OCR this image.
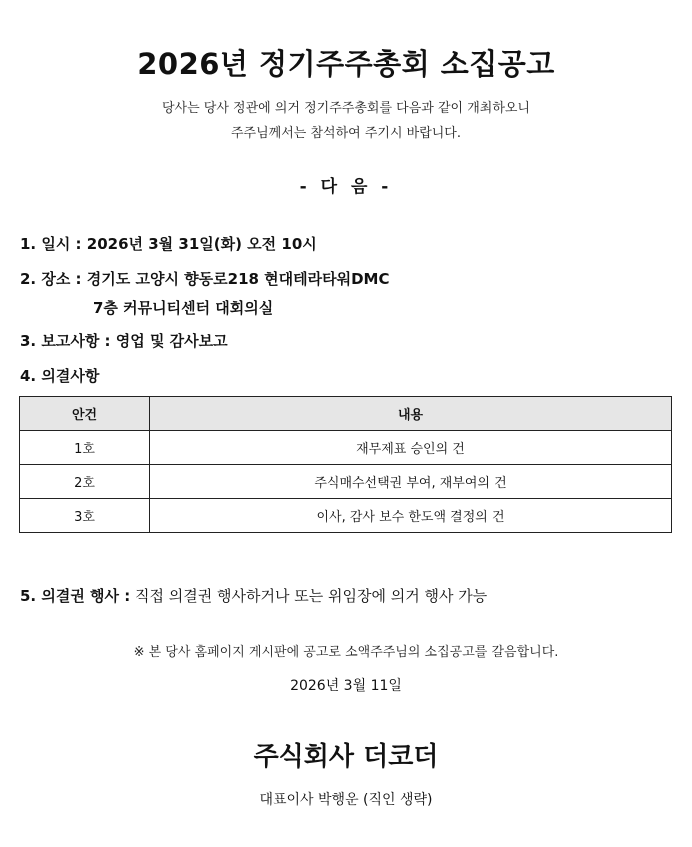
2026년 정기주주총회 소집공고
당사는 당사 정관에 의거 정기주주총회를 다음과 같이 개최하오니
주주님께서는 참석하여 주기시 바랍니다.
- 다 음 -
1. 일시 : 2026년 3월 31일(화) 오전 10시
2. 장소 : 경기도 고양시 향동로218 현대테라타워DMC
7층 커뮤니티센터 대회의실
3. 보고사항 : 영업 및 감사보고
4. 의결사항
안건	내용
1호	재무제표 승인의 건
2호	주식매수선택권 부여, 재부여의 건
3호	이사, 감사 보수 한도액 결정의 건
5. 의결권 행사 : 직접 의결권 행사하거나 또는 위임장에 의거 행사 가능
※ 본 당사 홈페이지 게시판에 공고로 소액주주님의 소집공고를 갈음합니다.
2026년 3월 11일
주식회사 더코더
대표이사 박행운 (직인 생략)
